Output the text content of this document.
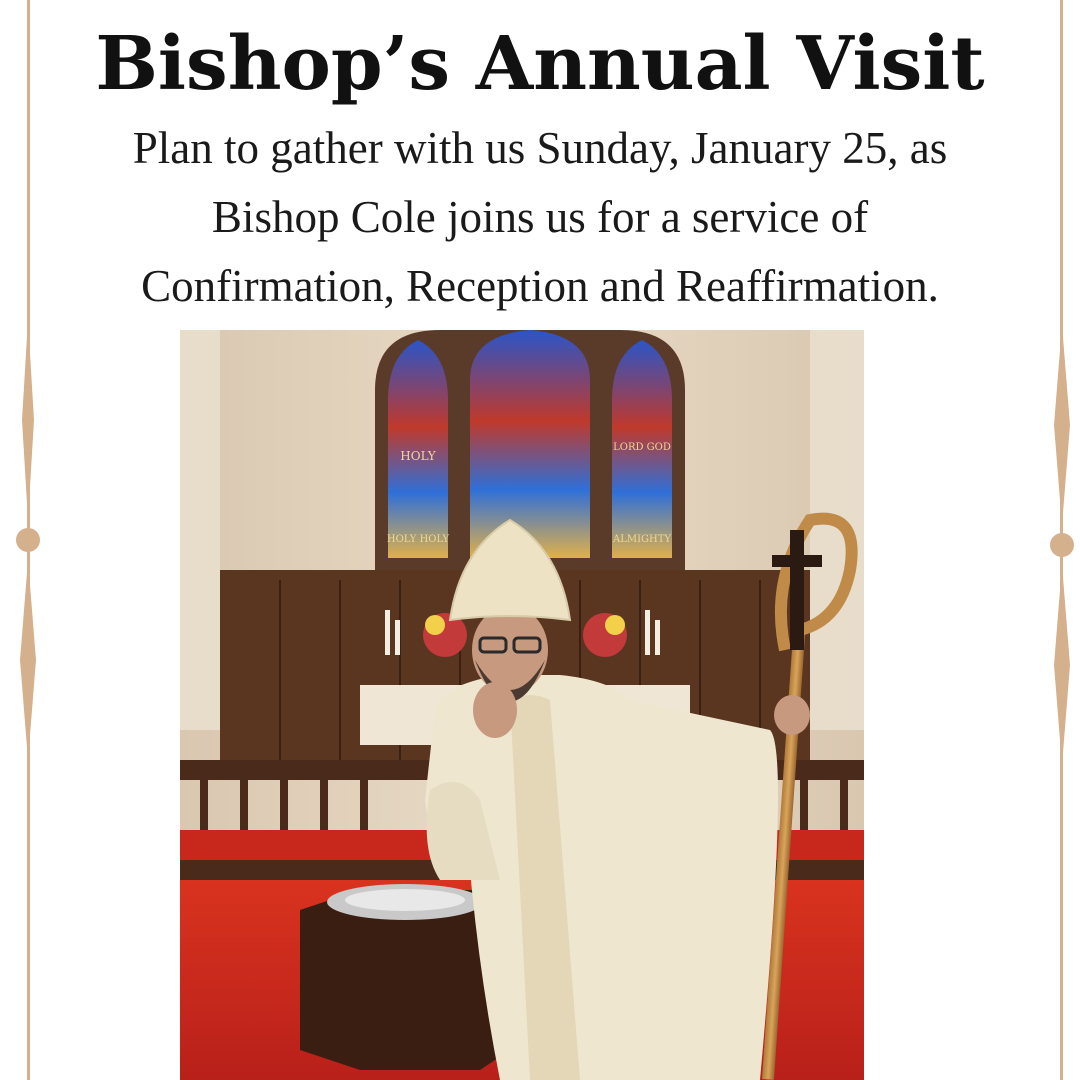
Bishop’s Annual Visit
Plan to gather with us Sunday, January 25, as
Bishop Cole joins us for a service of
Confirmation, Reception and Reaffirmation.
HOLY
HOLY HOLY
LORD GOD
ALMIGHTY
